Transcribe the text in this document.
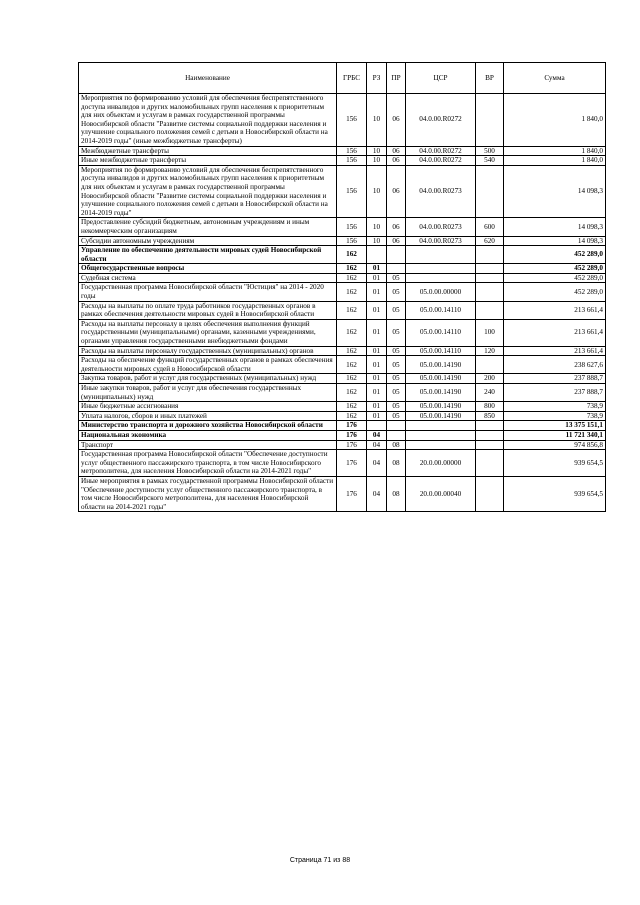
Наименование	ГРБС	РЗ	ПР	ЦСР	ВР	Сумма
Мероприятия по формированию условий для обеспечения беспрепятственного доступа инвалидов и других маломобильных групп населения к приоритетным для них объектам и услугам в рамках государственной программы Новосибирской области "Развитие системы социальной поддержки населения и улучшение социального положения семей с детьми в Новосибирской области на 2014-2019 годы" (иные межбюджетные трансферты)	156	10	06	04.0.00.R0272		1 840,0
Межбюджетные трансферты	156	10	06	04.0.00.R0272	500	1 840,0
Иные межбюджетные трансферты	156	10	06	04.0.00.R0272	540	1 840,0
Мероприятия по формированию условий для обеспечения беспрепятственного доступа инвалидов и других маломобильных групп населения к приоритетным для них объектам и услугам в рамках государственной программы Новосибирской области "Развитие системы социальной поддержки населения и улучшение социального положения семей с детьми в Новосибирской области на 2014-2019 годы"	156	10	06	04.0.00.R0273		14 098,3
Предоставление субсидий бюджетным, автономным учреждениям и иным некоммерческим организациям	156	10	06	04.0.00.R0273	600	14 098,3
Субсидии автономным учреждениям	156	10	06	04.0.00.R0273	620	14 098,3
Управление по обеспечению деятельности мировых судей Новосибирской области	162					452 289,0
Общегосударственные вопросы	162	01				452 289,0
Судебная система	162	01	05			452 289,0
Государственная программа Новосибирской области "Юстиция" на 2014 - 2020 годы	162	01	05	05.0.00.00000		452 289,0
Расходы на выплаты по оплате труда работников государственных органов в рамках обеспечения деятельности мировых судей в Новосибирской области	162	01	05	05.0.00.14110		213 661,4
Расходы на выплаты персоналу в целях обеспечения выполнения функций государственными (муниципальными) органами, казенными учреждениями, органами управления государственными внебюджетными фондами	162	01	05	05.0.00.14110	100	213 661,4
Расходы на выплаты персоналу государственных (муниципальных) органов	162	01	05	05.0.00.14110	120	213 661,4
Расходы на обеспечение функций государственных органов в рамках обеспечения деятельности мировых судей в Новосибирской области	162	01	05	05.0.00.14190		238 627,6
Закупка товаров, работ и услуг для государственных (муниципальных) нужд	162	01	05	05.0.00.14190	200	237 888,7
Иные закупки товаров, работ и услуг для обеспечения государственных (муниципальных) нужд	162	01	05	05.0.00.14190	240	237 888,7
Иные бюджетные ассигнования	162	01	05	05.0.00.14190	800	738,9
Уплата налогов, сборов и иных платежей	162	01	05	05.0.00.14190	850	738,9
Министерство транспорта и дорожного хозяйства Новосибирской области	176					13 375 151,1
Национальная экономика	176	04				11 721 340,1
Транспорт	176	04	08			974 856,8
Государственная программа Новосибирской области "Обеспечение доступности услуг общественного пассажирского транспорта, в том числе Новосибирского метрополитена, для населения Новосибирской области на 2014-2021 годы"	176	04	08	20.0.00.00000		939 654,5
Иные мероприятия в рамках государственной программы Новосибирской области "Обеспечение доступности услуг общественного пассажирского транспорта, в том числе Новосибирского метрополитена, для населения Новосибирской области на 2014-2021 годы"	176	04	08	20.0.00.00040		939 654,5
Страница 71 из 88
